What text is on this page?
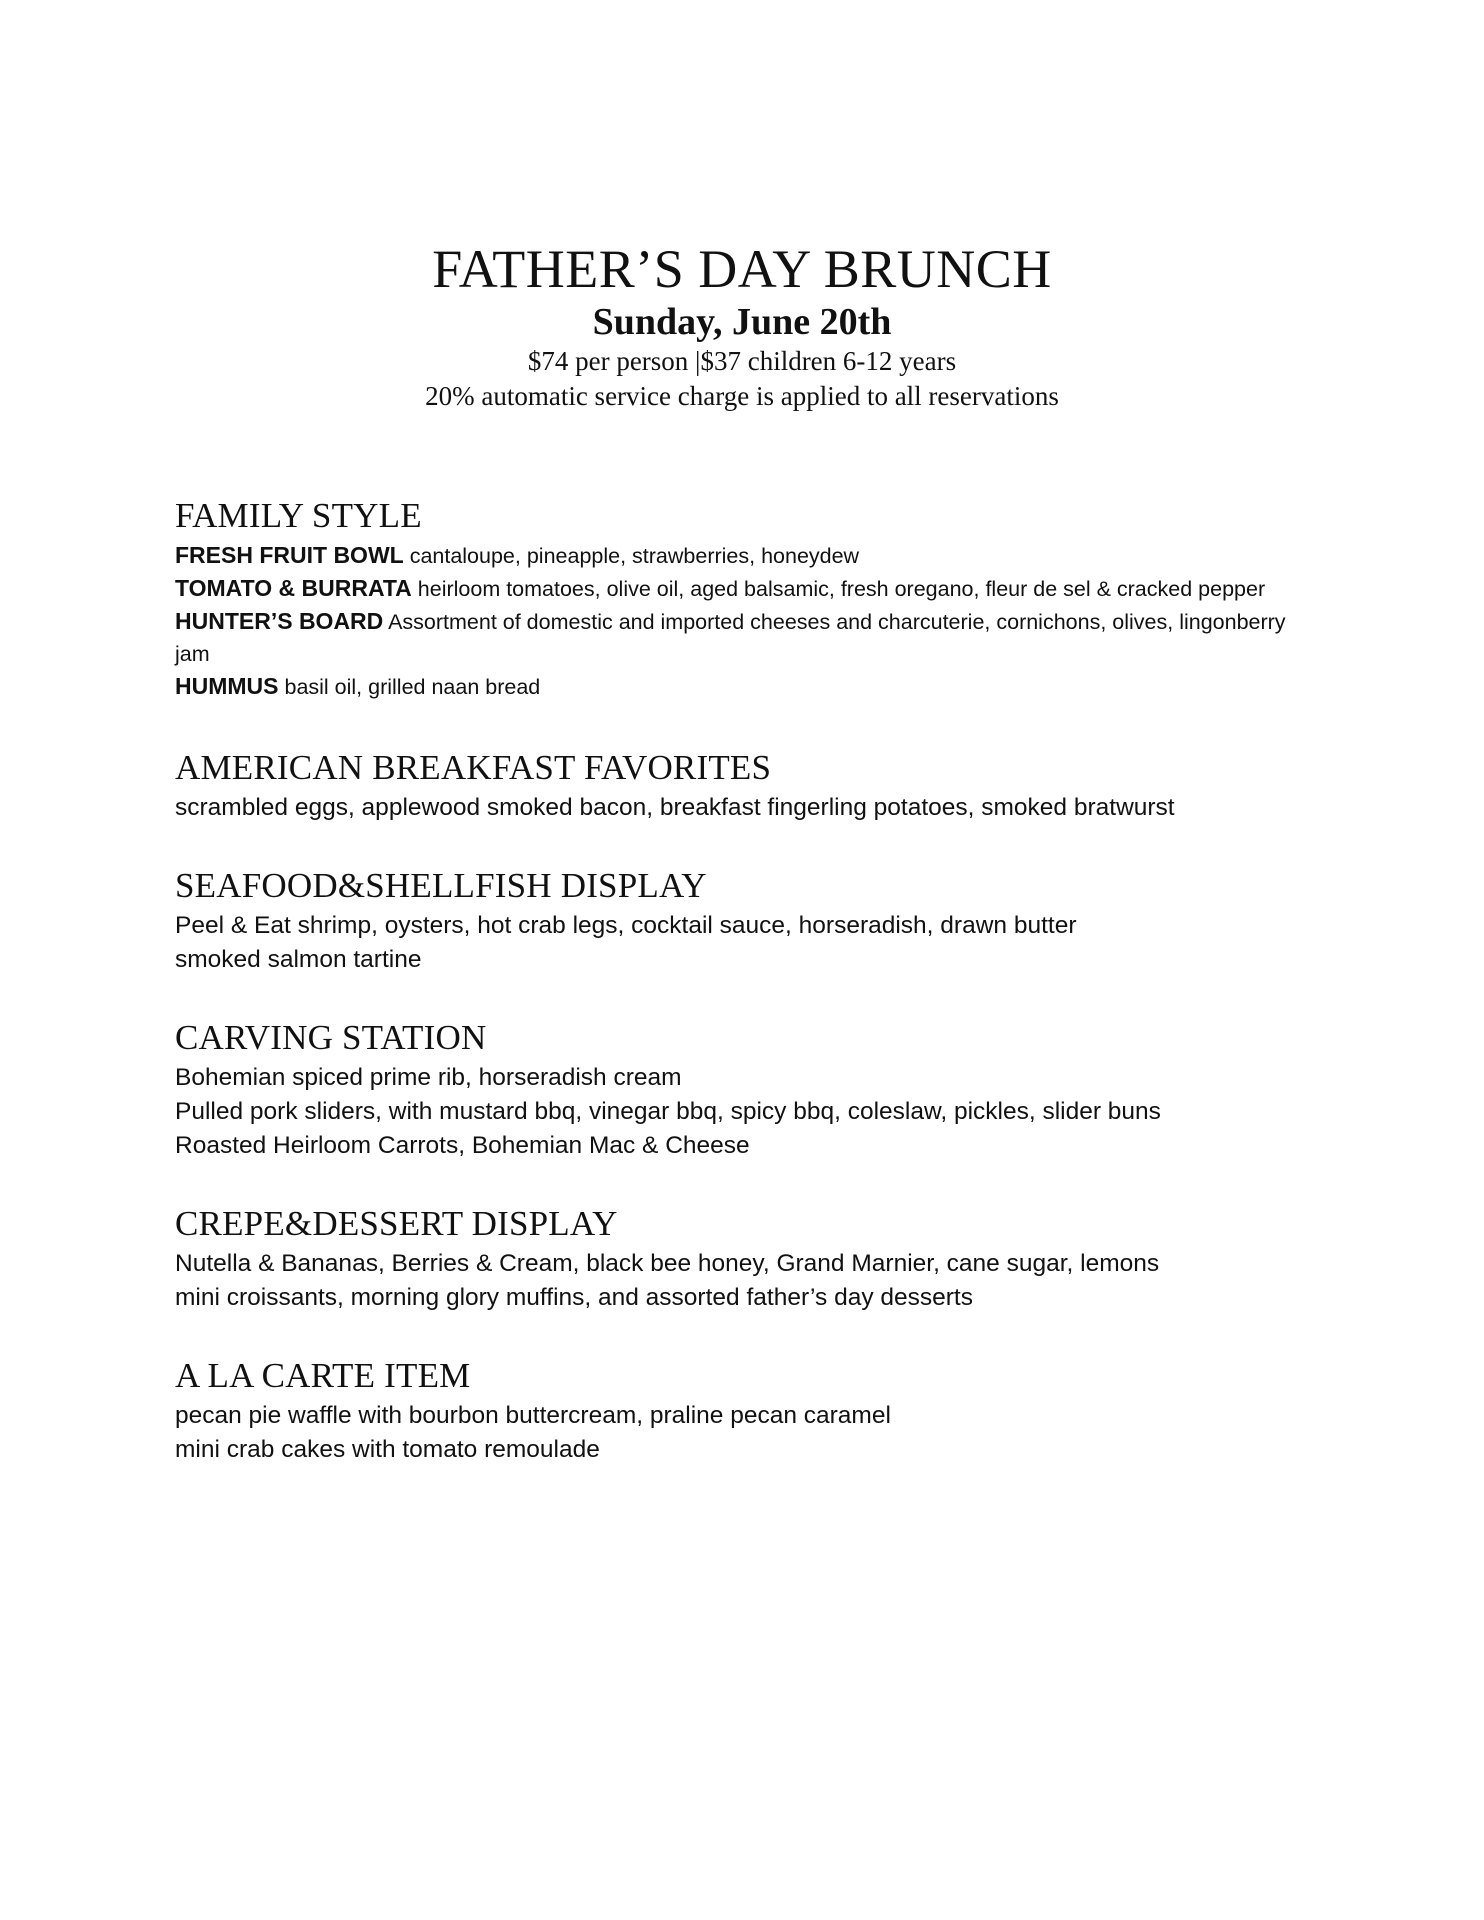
FATHER’S DAY BRUNCH

Sunday, June 20th

$74 per person |$37 children 6-12 years

20% automatic service charge is applied to all reservations

FAMILY STYLE

FRESH FRUIT BOWL cantaloupe, pineapple, strawberries, honeydew

TOMATO & BURRATA heirloom tomatoes, olive oil, aged balsamic, fresh oregano, fleur de sel & cracked pepper

HUNTER’S BOARD Assortment of domestic and imported cheeses and charcuterie, cornichons, olives, lingonberry jam

HUMMUS basil oil, grilled naan bread

AMERICAN BREAKFAST FAVORITES

scrambled eggs, applewood smoked bacon, breakfast fingerling potatoes, smoked bratwurst

SEAFOOD&SHELLFISH DISPLAY

Peel & Eat shrimp, oysters, hot crab legs, cocktail sauce, horseradish, drawn butter

smoked salmon tartine

CARVING STATION

Bohemian spiced prime rib, horseradish cream

Pulled pork sliders, with mustard bbq, vinegar bbq, spicy bbq, coleslaw, pickles, slider buns

Roasted Heirloom Carrots, Bohemian Mac & Cheese

CREPE&DESSERT DISPLAY

Nutella & Bananas, Berries & Cream, black bee honey, Grand Marnier, cane sugar, lemons

mini croissants, morning glory muffins, and assorted father’s day desserts

A LA CARTE ITEM

pecan pie waffle with bourbon buttercream, praline pecan caramel

mini crab cakes with tomato remoulade
